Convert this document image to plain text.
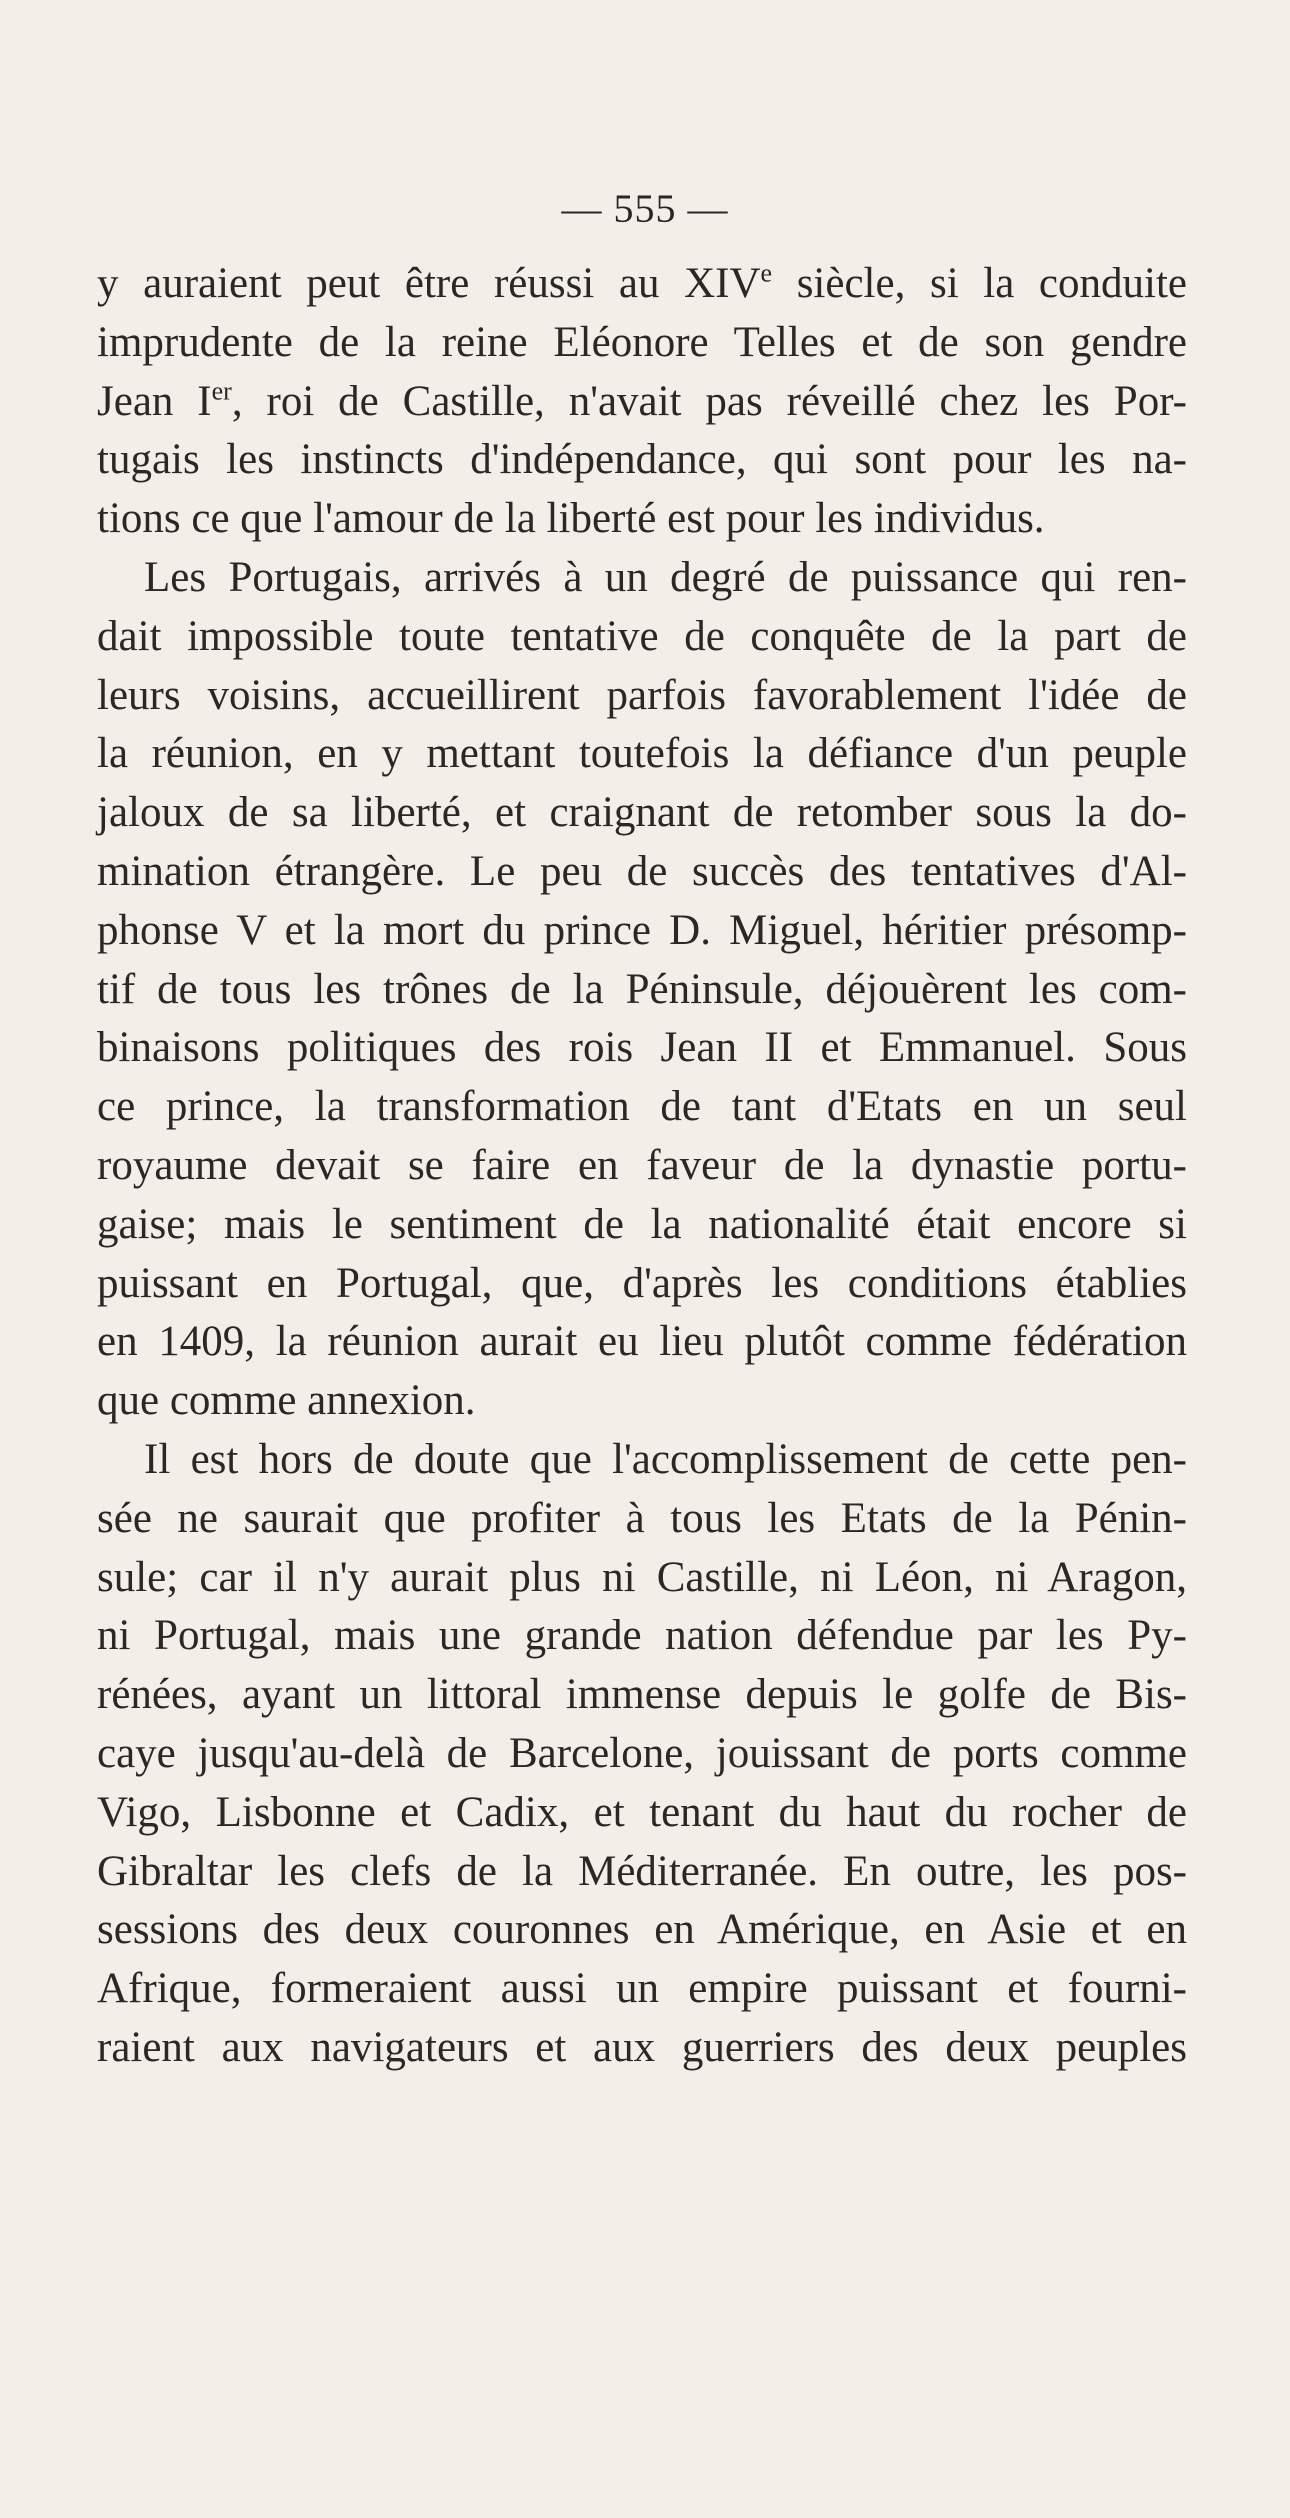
— 555 —
y auraient peut être réussi au XIVe siècle, si la conduite
imprudente de la reine Eléonore Telles et de son gendre
Jean Ier, roi de Castille, n'avait pas réveillé chez les Por-
tugais les instincts d'indépendance, qui sont pour les na-
tions ce que l'amour de la liberté est pour les individus.
Les Portugais, arrivés à un degré de puissance qui ren-
dait impossible toute tentative de conquête de la part de
leurs voisins, accueillirent parfois favorablement l'idée de
la réunion, en y mettant toutefois la défiance d'un peuple
jaloux de sa liberté, et craignant de retomber sous la do-
mination étrangère. Le peu de succès des tentatives d'Al-
phonse V et la mort du prince D. Miguel, héritier présomp-
tif de tous les trônes de la Péninsule, déjouèrent les com-
binaisons politiques des rois Jean II et Emmanuel. Sous
ce prince, la transformation de tant d'Etats en un seul
royaume devait se faire en faveur de la dynastie portu-
gaise; mais le sentiment de la nationalité était encore si
puissant en Portugal, que, d'après les conditions établies
en 1409, la réunion aurait eu lieu plutôt comme fédération
que comme annexion.
Il est hors de doute que l'accomplissement de cette pen-
sée ne saurait que profiter à tous les Etats de la Pénin-
sule; car il n'y aurait plus ni Castille, ni Léon, ni Aragon,
ni Portugal, mais une grande nation défendue par les Py-
rénées, ayant un littoral immense depuis le golfe de Bis-
caye jusqu'au-delà de Barcelone, jouissant de ports comme
Vigo, Lisbonne et Cadix, et tenant du haut du rocher de
Gibraltar les clefs de la Méditerranée. En outre, les pos-
sessions des deux couronnes en Amérique, en Asie et en
Afrique, formeraient aussi un empire puissant et fourni-
raient aux navigateurs et aux guerriers des deux peuples
